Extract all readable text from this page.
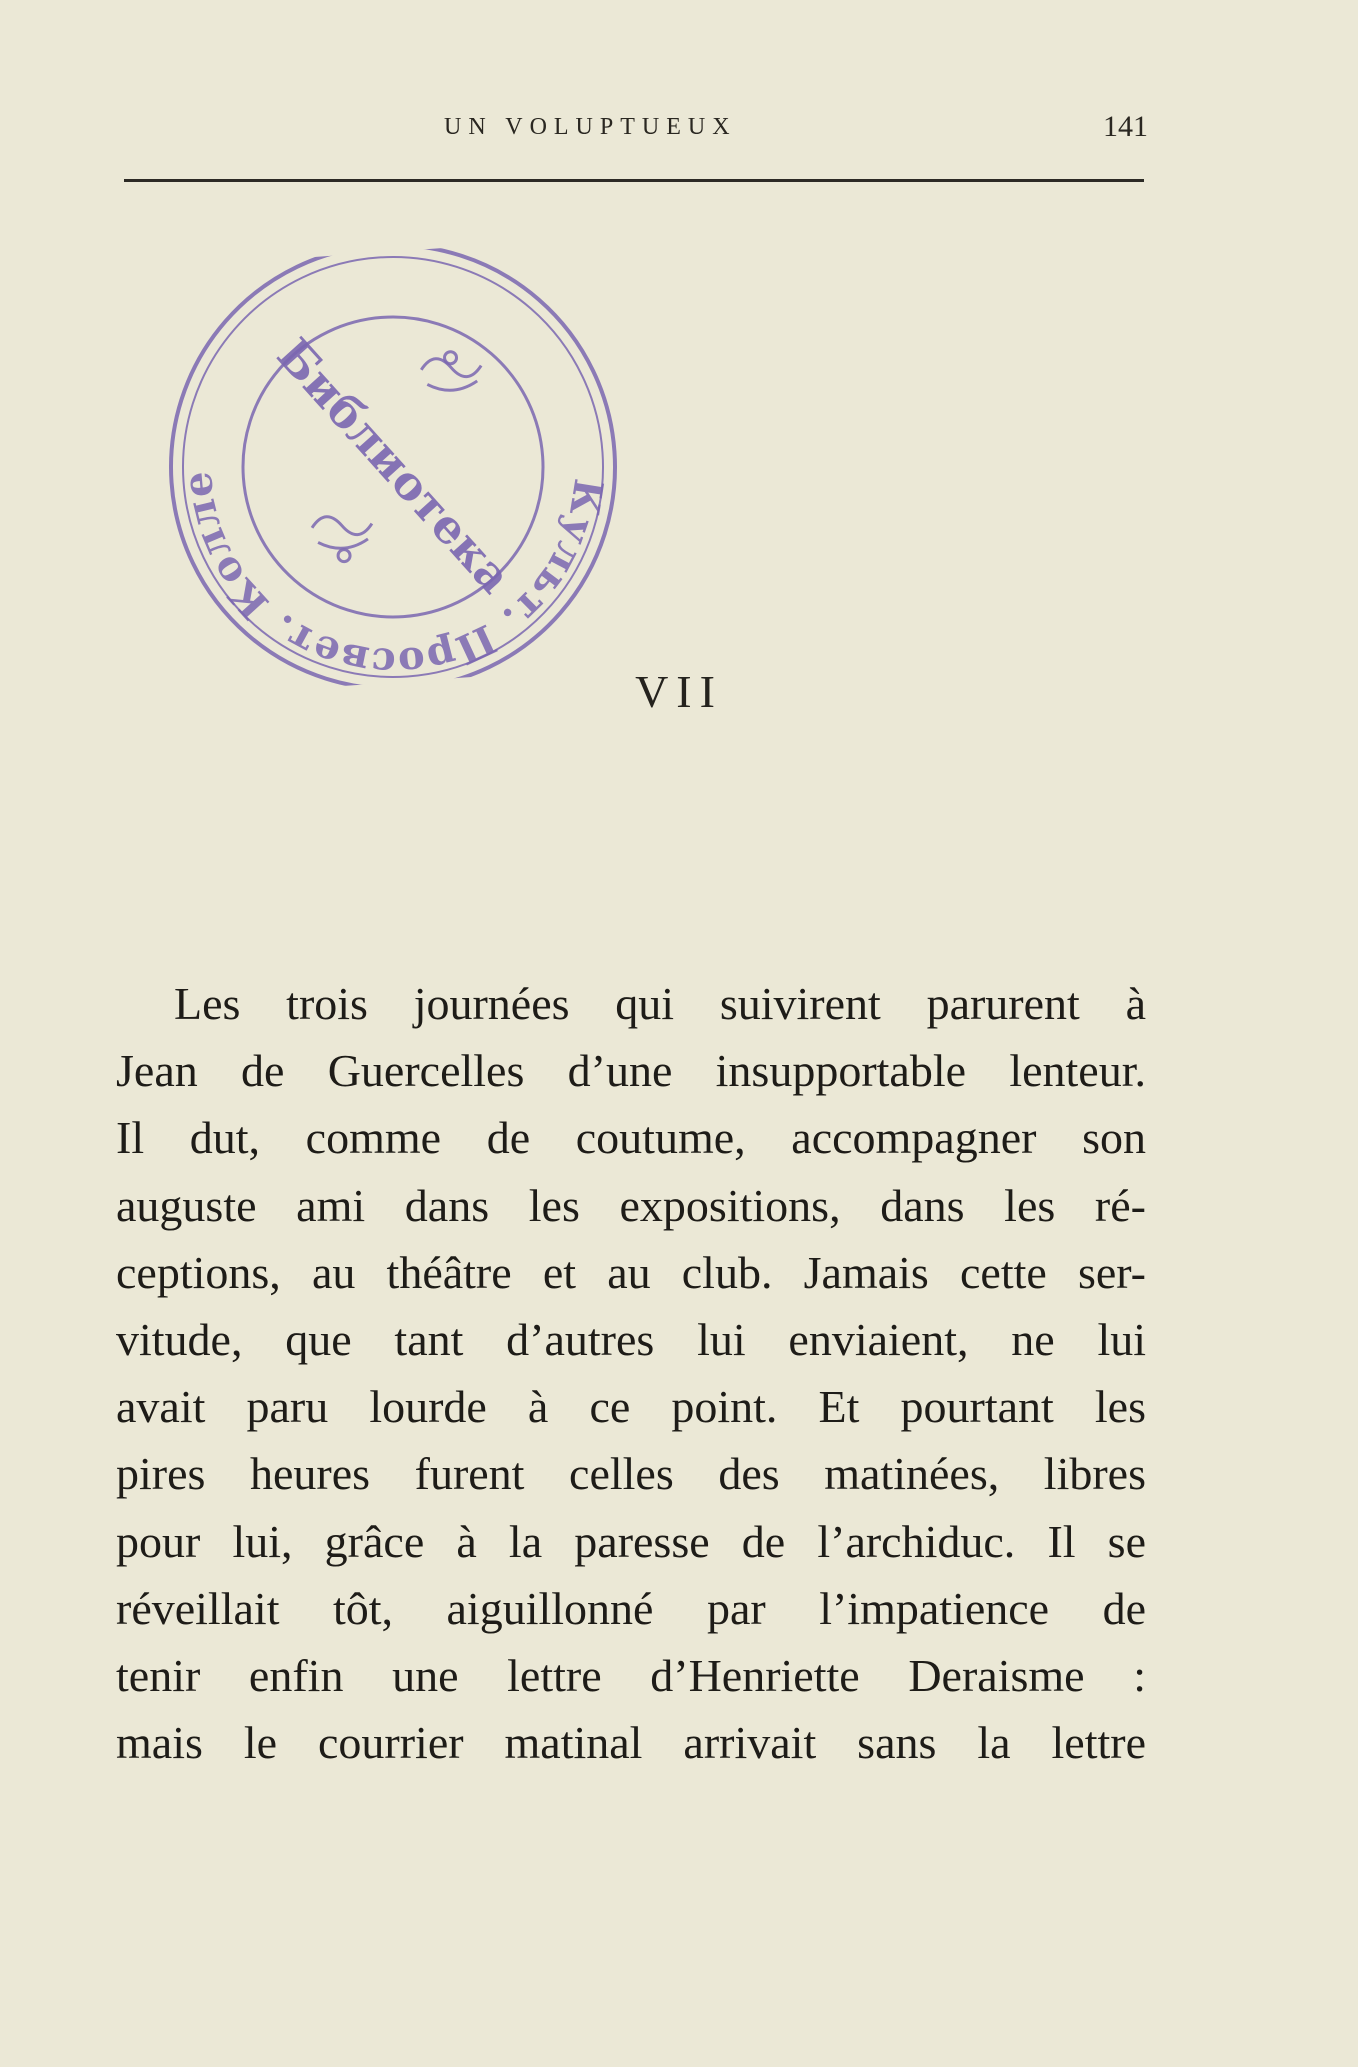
UN VOLUPTUEUX	141
Культ. Просвет. Коллегии Петрогр. Уезда Николаевск...
Библиотека
VII
Les trois journées qui suivirent parurent à
Jean de Guercelles d’une insupportable lenteur.
Il dut, comme de coutume, accompagner son
auguste ami dans les expositions, dans les ré-
ceptions, au théâtre et au club. Jamais cette ser-
vitude, que tant d’autres lui enviaient, ne lui
avait paru lourde à ce point. Et pourtant les
pires heures furent celles des matinées, libres
pour lui, grâce à la paresse de l’archiduc. Il se
réveillait tôt, aiguillonné par l’impatience de
tenir enfin une lettre d’Henriette Deraisme :
mais le courrier matinal arrivait sans la lettre
